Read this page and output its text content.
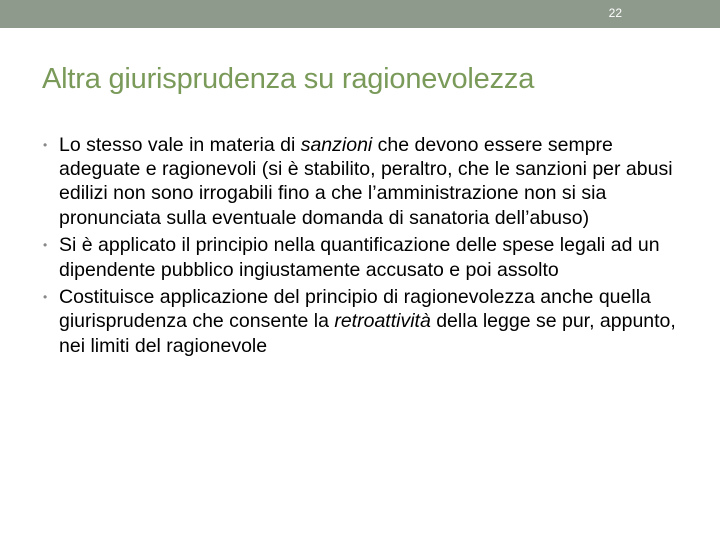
22
Altra giurisprudenza su ragionevolezza
• Lo stesso vale in materia di sanzioni che devono essere sempre adeguate e ragionevoli (si è stabilito, peraltro, che le sanzioni per abusi edilizi non sono irrogabili fino a che l’amministrazione non si sia pronunciata sulla eventuale domanda di sanatoria dell’abuso)
• Si è applicato il principio nella quantificazione delle spese legali ad un dipendente pubblico ingiustamente accusato e poi assolto
• Costituisce applicazione del principio di ragionevolezza anche quella giurisprudenza che consente la retroattività della legge se pur, appunto, nei limiti del ragionevole
